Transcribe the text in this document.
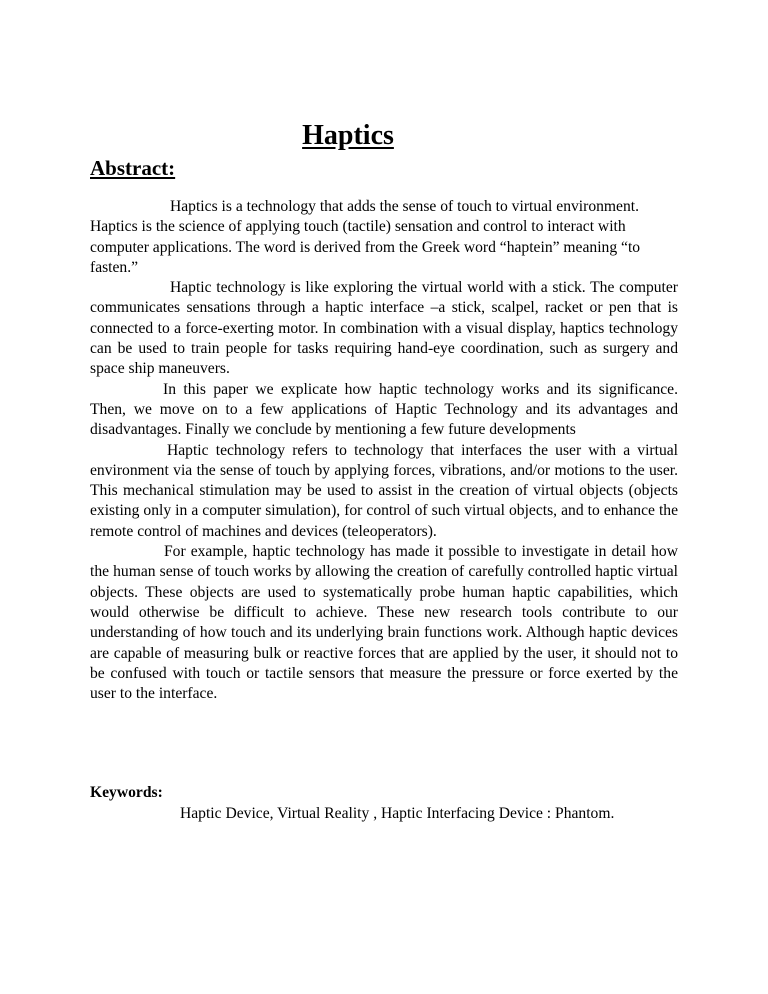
Haptics
Abstract:

Haptics is a technology that adds the sense of touch to virtual environment. Haptics is the science of applying touch (tactile) sensation and control to interact with computer applications. The word is derived from the Greek word “haptein” meaning “to fasten.”

Haptic technology is like exploring the virtual world with a stick. The computer communicates sensations through a haptic interface –a stick, scalpel, racket or pen that is connected to a force-exerting motor. In combination with a visual display, haptics technology can be used to train people for tasks requiring hand-eye coordination, such as surgery and space ship maneuvers.

In this paper we explicate how haptic technology works and its significance. Then, we move on to a few applications of Haptic Technology and its advantages and disadvantages. Finally we conclude by mentioning a few future developments

Haptic technology refers to technology that interfaces the user with a virtual environment via the sense of touch by applying forces, vibrations, and/or motions to the user. This mechanical stimulation may be used to assist in the creation of virtual objects (objects existing only in a computer simulation), for control of such virtual objects, and to enhance the remote control of machines and devices (teleoperators).

For example, haptic technology has made it possible to investigate in detail how the human sense of touch works by allowing the creation of carefully controlled haptic virtual objects. These objects are used to systematically probe human haptic capabilities, which would otherwise be difficult to achieve. These new research tools contribute to our understanding of how touch and its underlying brain functions work. Although haptic devices are capable of measuring bulk or reactive forces that are applied by the user, it should not to be confused with touch or tactile sensors that measure the pressure or force exerted by the user to the interface.

Keywords:
Haptic Device, Virtual Reality , Haptic Interfacing Device : Phantom.
